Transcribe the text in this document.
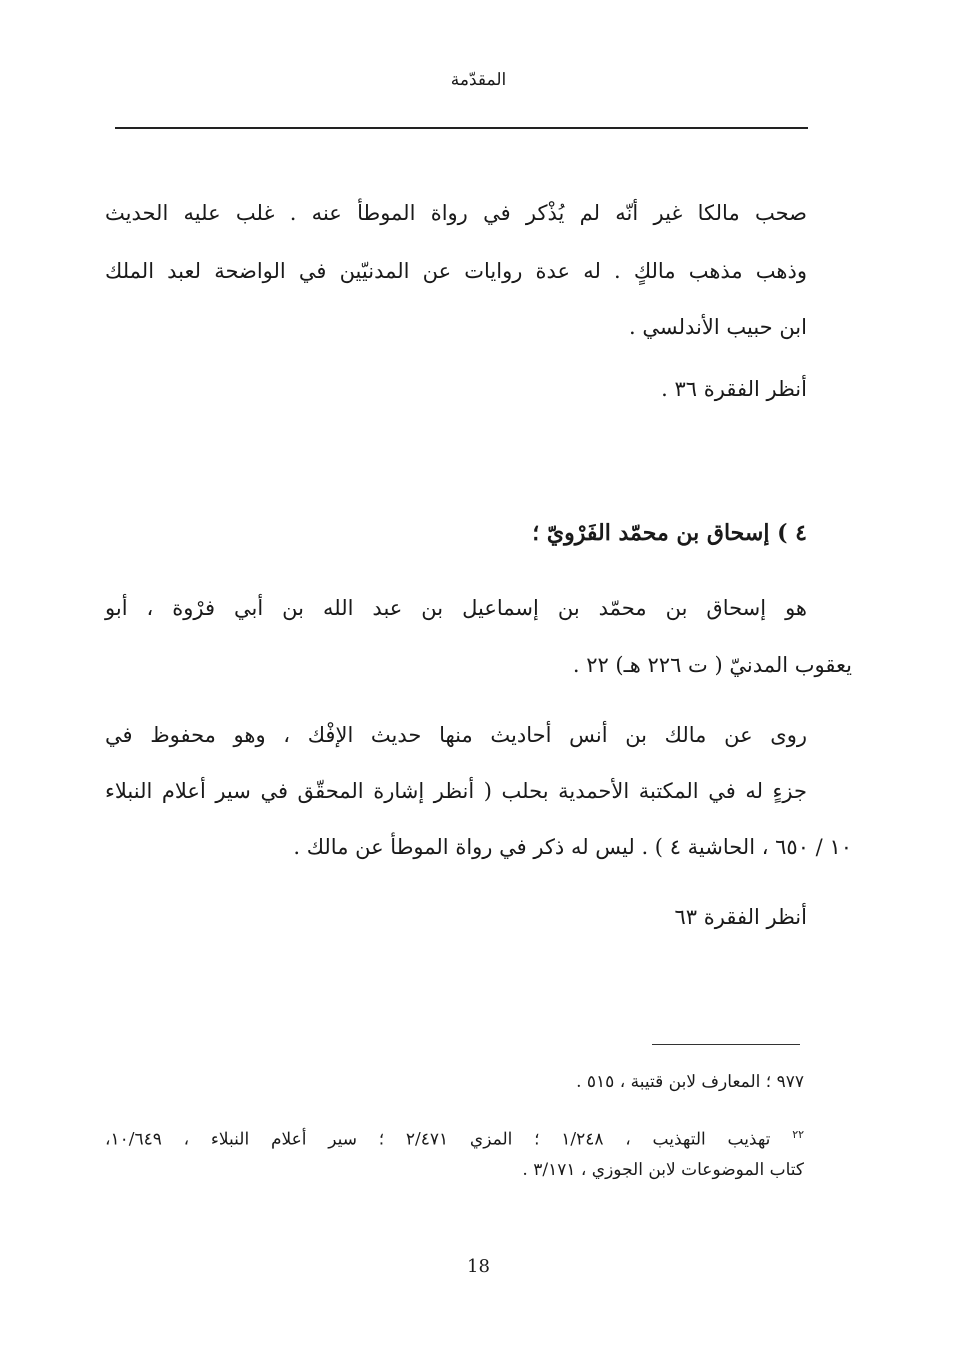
المقدّمة
صحب مالكا غير أنّه لم يُذْكر في رواة الموطأ عنه . غلب عليه الحديث
وذهب مذهب مالكٍ . له عدة روايات عن المدنيّين في الواضحة لعبد الملك
ابن حبيب الأندلسي .
أنظر الفقرة ٣٦ .
٤ ) إسحاق بن محمّد الفَرْويّ ؛
هو إسحاق بن محمّد بن إسماعيل بن عبد الله بن أبي فرْوة ، أبو
يعقوب المدنيّ ( ت ٢٢٦ هـ) ٢٢ .
روى عن مالك بن أنس أحاديث منها حديث الإفْك ، وهو محفوظ في
جزءٍ له في المكتبة الأحمدية بحلب ( أنظر إشارة المحقّق في سير أعلام النبلاء
١٠ / ٦٥٠ ، الحاشية ٤ ) . ليس له ذكر في رواة الموطأ عن مالك .
أنظر الفقرة ٦٣
٩٧٧ ؛ المعارف لابن قتيبة ، ٥١٥ .
$^{٢٢}$ تهذيب التهذيب ، ١/٢٤٨ ؛ المزي ٢/٤٧١ ؛ سير أعلام النبلاء ، ١٠/٦٤٩،
كتاب الموضوعات لابن الجوزي ، ٣/١٧١ .
18
